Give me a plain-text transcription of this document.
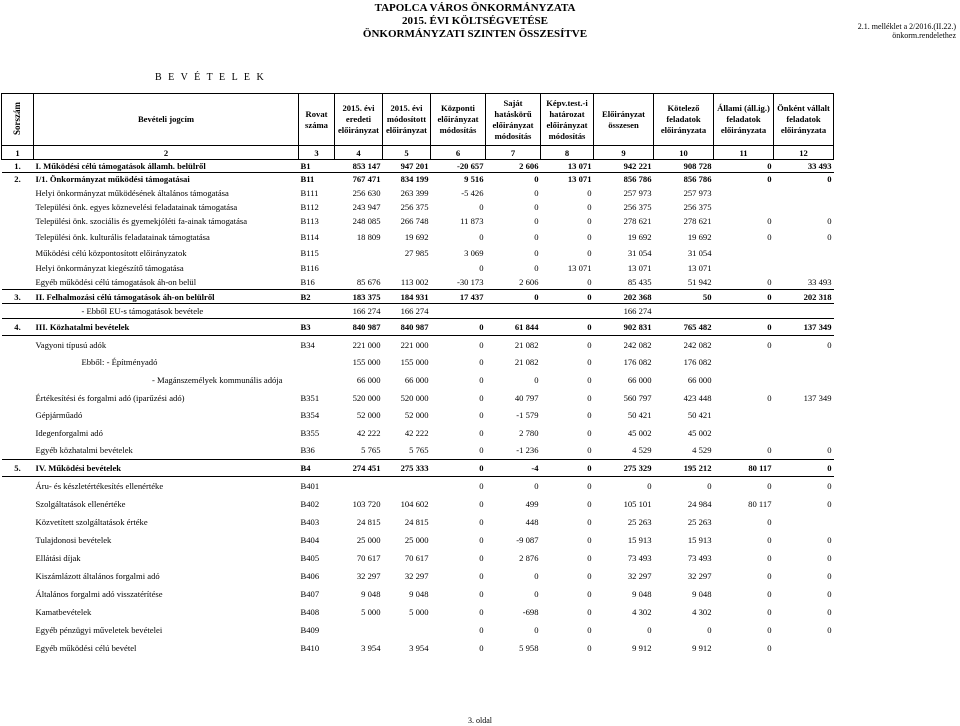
TAPOLCA VÁROS ÖNKORMÁNYZATA
2015. ÉVI KÖLTSÉGVETÉSE
ÖNKORMÁNYZATI SZINTEN ÖSSZESÍTVE
2.1. melléklet a 2/2016.(II.22.)
önkorm.rendelethez
B E V É T E L E K
Sorszám	Bevételi jogcím	Rovat száma	2015. évi eredeti előirányzat	2015. évi módosított előirányzat	Központi előirányzat módosítás	Saját hatáskörű előirányzat módosítás	Képv.test.-i határozat előirányzat módosítás	Előirányzat összesen	Kötelező feladatok előirányzata	Állami (áll.ig.) feladatok előirányzata	Önként vállalt feladatok előirányzata
1	2	3	4	5	6	7	8	9	10	11	12
1.	I. Működési célú támogatások államh. belülről	B1	853 147	947 201	-20 657	2 606	13 071	942 221	908 728	0	33 493
2.	I/1. Önkormányzat működési támogatásai	B11	767 471	834 199	9 516	0	13 071	856 786	856 786	0	0
	Helyi önkormányzat működésének általános támogatása	B111	256 630	263 399	-5 426	0	0	257 973	257 973		
	Települési önk. egyes köznevelési feladatainak támogatása	B112	243 947	256 375	0	0	0	256 375	256 375		
	Települési önk. szociális és gyemekjóléti fa-ainak támogatása	B113	248 085	266 748	11 873	0	0	278 621	278 621	0	0
	Települési önk. kulturális feladatainak támogtatása	B114	18 809	19 692	0	0	0	19 692	19 692	0	0
	Működési célú központosított előirányzatok	B115		27 985	3 069	0	0	31 054	31 054		
	Helyi önkormányzat kiegészítő támogatása	B116			0	0	13 071	13 071	13 071		
	Egyéb működési célú támogatások áh-on belül	B16	85 676	113 002	-30 173	2 606	0	85 435	51 942	0	33 493
3.	II. Felhalmozási célú támogatások áh-on belülről	B2	183 375	184 931	17 437	0	0	202 368	50	0	202 318
	- Ebből EU-s támogatások bevétele		166 274	166 274				166 274			
4.	III. Közhatalmi bevételek	B3	840 987	840 987	0	61 844	0	902 831	765 482	0	137 349
	Vagyoni típusú adók	B34	221 000	221 000	0	21 082	0	242 082	242 082	0	0
	Ebből: - Építményadó		155 000	155 000	0	21 082	0	176 082	176 082		
	- Magánszemélyek kommunális adója		66 000	66 000	0	0	0	66 000	66 000		
	Értékesítési és forgalmi adó (iparűzési adó)	B351	520 000	520 000	0	40 797	0	560 797	423 448	0	137 349
	Gépjárműadó	B354	52 000	52 000	0	-1 579	0	50 421	50 421		
	Idegenforgalmi adó	B355	42 222	42 222	0	2 780	0	45 002	45 002		
	Egyéb közhatalmi bevételek	B36	5 765	5 765	0	-1 236	0	4 529	4 529	0	0
5.	IV. Működési bevételek	B4	274 451	275 333	0	-4	0	275 329	195 212	80 117	0
	Áru- és készletértékesítés ellenértéke	B401			0	0	0	0	0	0	0
	Szolgáltatások ellenértéke	B402	103 720	104 602	0	499	0	105 101	24 984	80 117	0
	Közvetített szolgáltatások értéke	B403	24 815	24 815	0	448	0	25 263	25 263	0	
	Tulajdonosi bevételek	B404	25 000	25 000	0	-9 087	0	15 913	15 913	0	0
	Ellátási díjak	B405	70 617	70 617	0	2 876	0	73 493	73 493	0	0
	Kiszámlázott általános forgalmi adó	B406	32 297	32 297	0	0	0	32 297	32 297	0	0
	Általános forgalmi adó visszatérítése	B407	9 048	9 048	0	0	0	9 048	9 048	0	0
	Kamatbevételek	B408	5 000	5 000	0	-698	0	4 302	4 302	0	0
	Egyéb pénzügyi műveletek bevételei	B409			0	0	0	0	0	0	0
	Egyéb működési célú bevétel	B410	3 954	3 954	0	5 958	0	9 912	9 912	0	
3. oldal
